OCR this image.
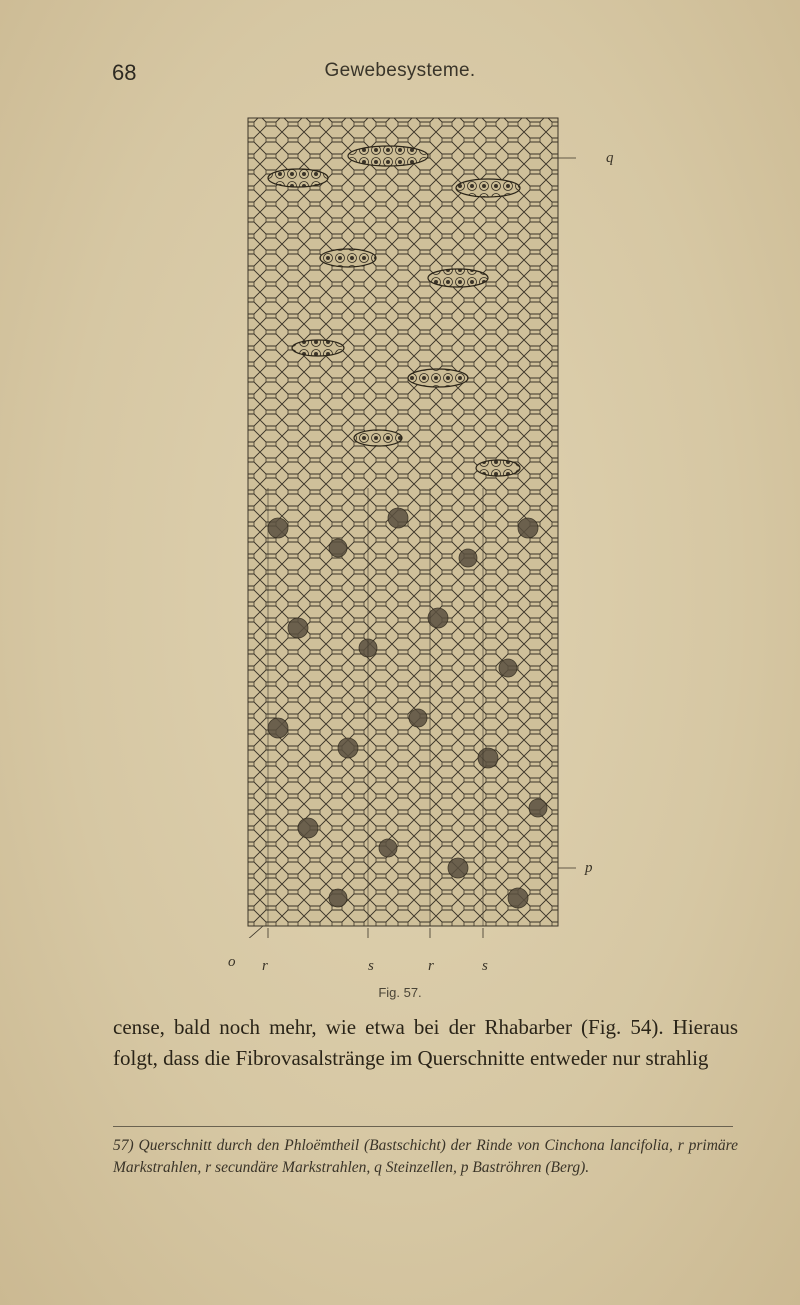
68	Gewebesysteme.
q
p
o r	s	r	s
Fig. 57.
cense, bald noch mehr, wie etwa bei der Rhabarber (Fig. 54). Hieraus folgt, dass die Fibrovasalstränge im Querschnitte entweder nur strahlig
57) Querschnitt durch den Phloëmtheil (Bastschicht) der Rinde von Cinchona lancifolia, r primäre Markstrahlen, r secundäre Markstrahlen, q Steinzellen, p Baströhren (Berg).
